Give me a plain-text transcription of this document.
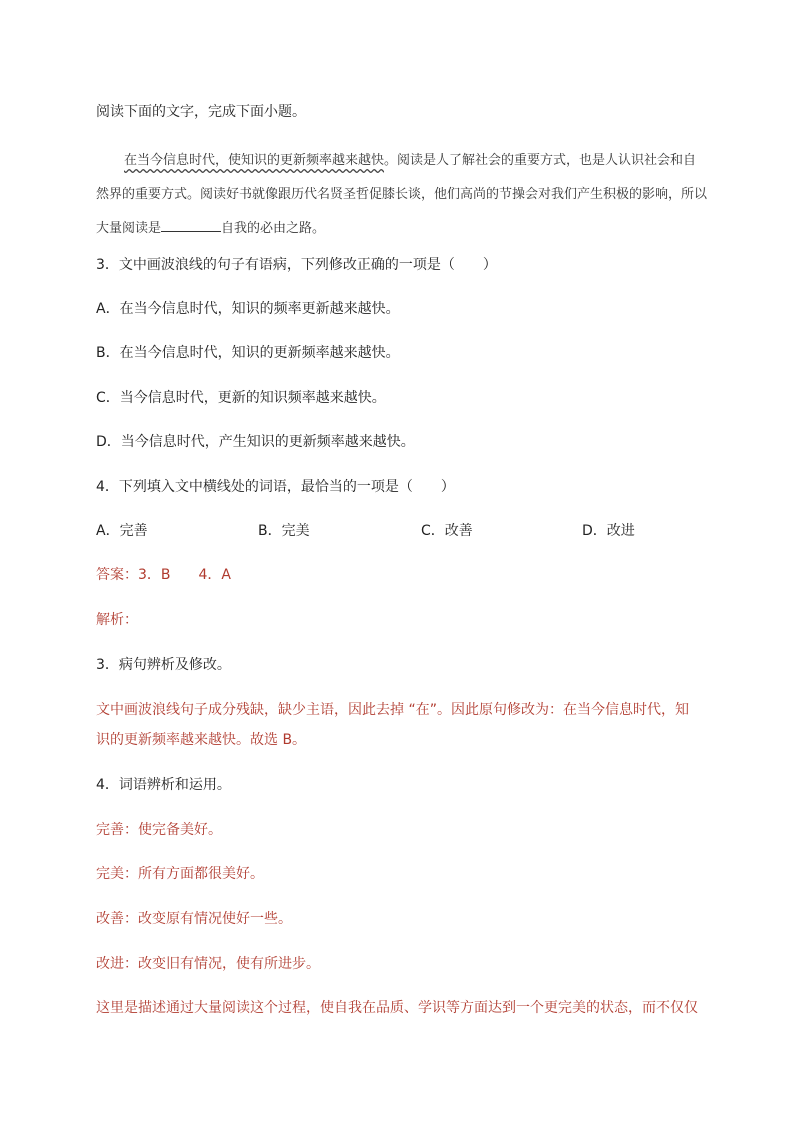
阅读下面的文字，完成下面小题。

在当今信息时代，使知识的更新频率越来越快。阅读是人了解社会的重要方式，也是人认识社会和自然界的重要方式。阅读好书就像跟历代名贤圣哲促膝长谈，他们高尚的节操会对我们产生积极的影响，所以大量阅读是	自我的必由之路。

3．文中画波浪线的句子有语病，下列修改正确的一项是（　　）
A．在当今信息时代，知识的频率更新越来越快。
B．在当今信息时代，知识的更新频率越来越快。
C．当今信息时代，更新的知识频率越来越快。
D．当今信息时代，产生知识的更新频率越来越快。
4．下列填入文中横线处的词语，最恰当的一项是（　　）
A．完善	B．完美	C．改善	D．改进
答案：3．B　　4．A
解析：
3．病句辨析及修改。
文中画波浪线句子成分残缺，缺少主语，因此去掉 “在”。因此原句修改为：在当今信息时代，知
识的更新频率越来越快。故选 B。
4．词语辨析和运用。
完善：使完备美好。
完美：所有方面都很美好。
改善：改变原有情况使好一些。
改进：改变旧有情况，使有所进步。
这里是描述通过大量阅读这个过程，使自我在品质、学识等方面达到一个更完美的状态，而不仅仅
